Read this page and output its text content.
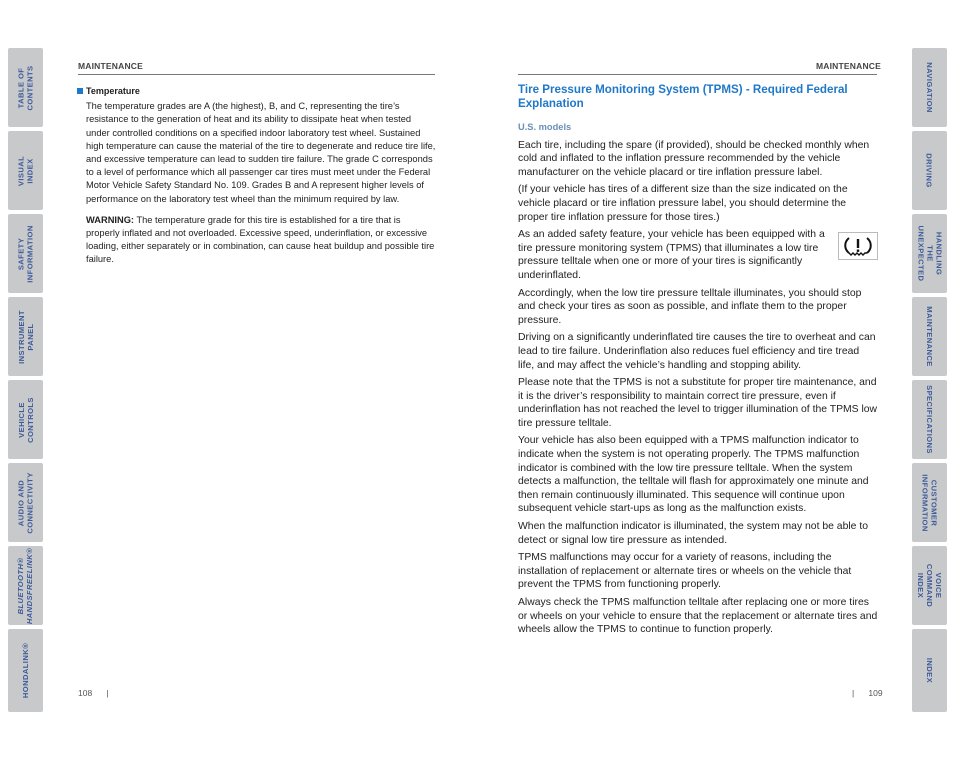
TABLE OF
CONTENTS
VISUAL INDEX
SAFETY
INFORMATION
INSTRUMENT
PANEL
VEHICLE
CONTROLS
AUDIO AND
CONNECTIVITY
BLUETOOTH®
HANDSFREELINK®
HONDALINK®
NAVIGATION
DRIVING
HANDLING THE
UNEXPECTED
MAINTENANCE
SPECIFICATIONS
CUSTOMER
INFORMATION
VOICE
COMMAND INDEX
INDEX
MAINTENANCE
Temperature

The temperature grades are A (the highest), B, and C, representing the tire’s resistance to the generation of heat and its ability to dissipate heat when tested under controlled conditions on a specified indoor laboratory test wheel. Sustained high temperature can cause the material of the tire to degenerate and reduce tire life, and excessive temperature can lead to sudden tire failure. The grade C corresponds to a level of performance which all passenger car tires must meet under the Federal Motor Vehicle Safety Standard No. 109. Grades B and A represent higher levels of performance on the laboratory test wheel than the minimum required by law.

WARNING: The temperature grade for this tire is established for a tire that is properly inflated and not overloaded. Excessive speed, underinflation, or excessive loading, either separately or in combination, can cause heat buildup and possible tire failure.

108 |
MAINTENANCE
Tire Pressure Monitoring System (TPMS) - Required Federal Explanation
U.S. models

Each tire, including the spare (if provided), should be checked monthly when cold and inflated to the inflation pressure recommended by the vehicle manufacturer on the vehicle placard or tire inflation pressure label.

(If your vehicle has tires of a different size than the size indicated on the vehicle placard or tire inflation pressure label, you should determine the proper tire inflation pressure for those tires.)

As an added safety feature, your vehicle has been equipped with a tire pressure monitoring system (TPMS) that illuminates a low tire pressure telltale when one or more of your tires is significantly underinflated.

Accordingly, when the low tire pressure telltale illuminates, you should stop and check your tires as soon as possible, and inflate them to the proper pressure.

Driving on a significantly underinflated tire causes the tire to overheat and can lead to tire failure. Underinflation also reduces fuel efficiency and tire tread life, and may affect the vehicle’s handling and stopping ability.

Please note that the TPMS is not a substitute for proper tire maintenance, and it is the driver’s responsibility to maintain correct tire pressure, even if underinflation has not reached the level to trigger illumination of the TPMS low tire pressure telltale.

Your vehicle has also been equipped with a TPMS malfunction indicator to indicate when the system is not operating properly. The TPMS malfunction indicator is combined with the low tire pressure telltale. When the system detects a malfunction, the telltale will flash for approximately one minute and then remain continuously illuminated. This sequence will continue upon subsequent vehicle start-ups as long as the malfunction exists.

When the malfunction indicator is illuminated, the system may not be able to detect or signal low tire pressure as intended.

TPMS malfunctions may occur for a variety of reasons, including the installation of replacement or alternate tires or wheels on the vehicle that prevent the TPMS from functioning properly.

Always check the TPMS malfunction telltale after replacing one or more tires or wheels on your vehicle to ensure that the replacement or alternate tires and wheels allow the TPMS to continue to function properly.

| 109
